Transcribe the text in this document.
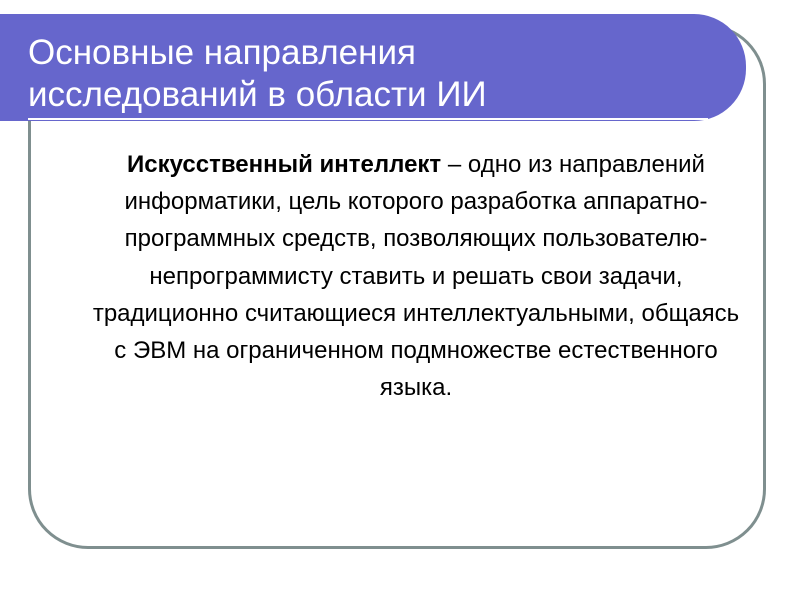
Основные направления
исследований в области ИИ
Искусственный интеллект – одно из направлений информатики, цель которого разработка аппаратно-программных средств, позволяющих пользователю-непрограммисту ставить и решать свои задачи, традиционно считающиеся интеллектуальными, общаясь с ЭВМ на ограниченном подмножестве естественного языка.
